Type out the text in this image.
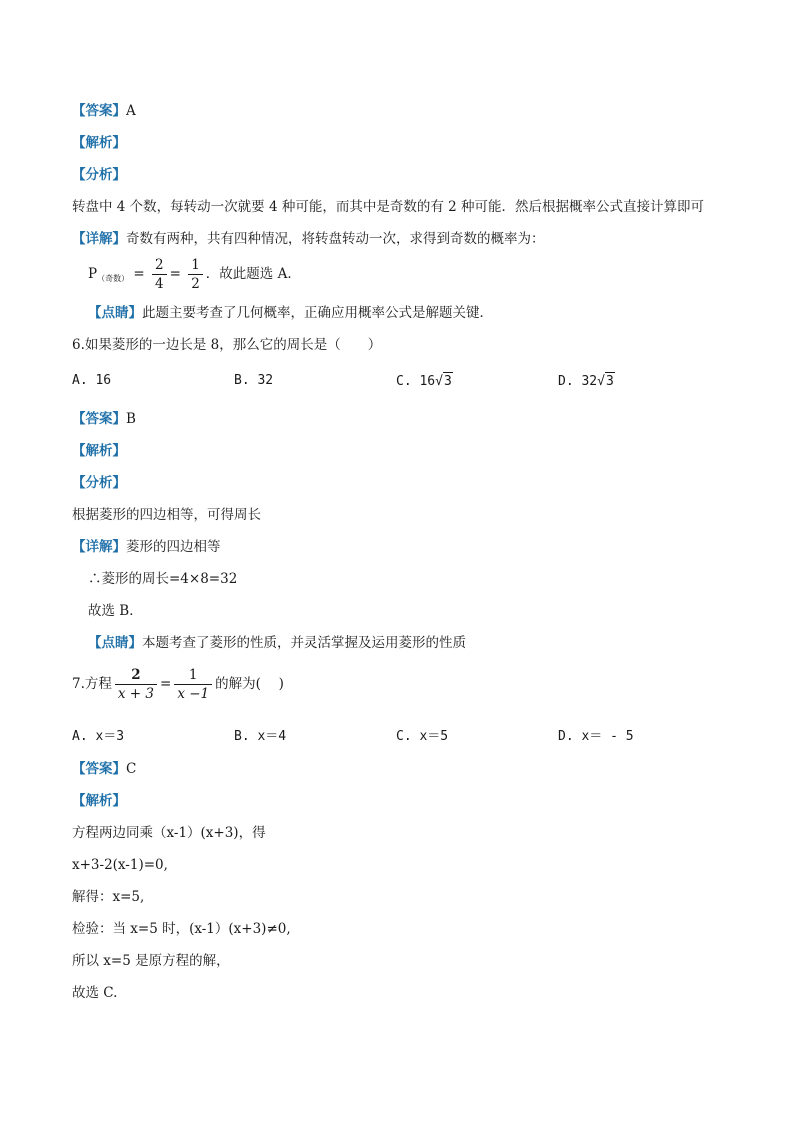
【答案】A
【解析】
【分析】
转盘中 4 个数，每转动一次就要 4 种可能，而其中是奇数的有 2 种可能．然后根据概率公式直接计算即可
【详解】奇数有两种，共有四种情况，将转盘转动一次，求得到奇数的概率为：
$P_{(奇数)} = \frac{2}{4} = \frac{1}{2}$ ．故此题选 A．
【点睛】此题主要考查了几何概率，正确应用概率公式是解题关键．
6.如果菱形的一边长是 8，那么它的周长是（　　）
A. 16	B. 32	C. 16√3	D. 32√3
【答案】B
【解析】
【分析】
根据菱形的四边相等，可得周长
【详解】菱形的四边相等
∴菱形的周长=4×8=32
故选 B．
【点睛】本题考查了菱形的性质，并灵活掌握及运用菱形的性质
7.方程 $\frac{2}{x + 3} = \frac{1}{x -1}$ 的解为(　 )
A. x＝3	B. x＝4	C. x＝5	D. x＝ - 5
【答案】C
【解析】
方程两边同乘（x-1）(x+3)，得
x+3-2(x-1)=0,
解得：x=5,
检验：当 x=5 时，(x-1）(x+3)≠0,
所以 x=5 是原方程的解，
故选 C.
